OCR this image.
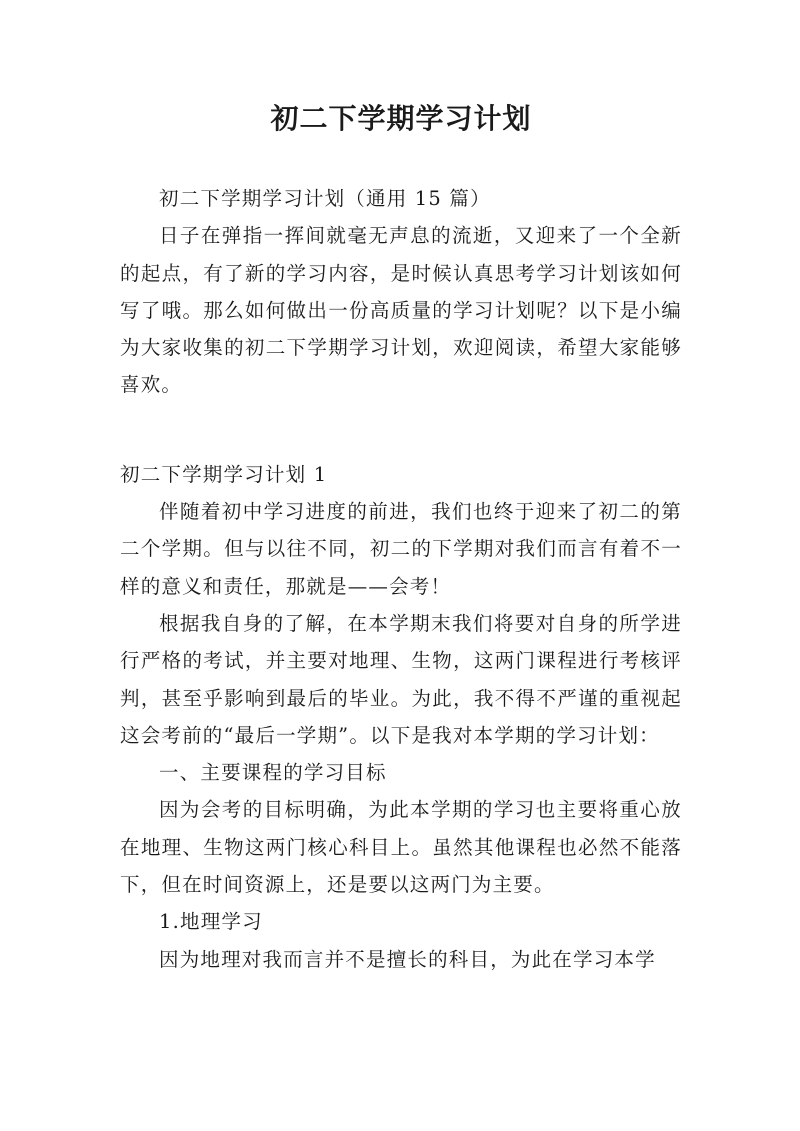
初二下学期学习计划

初二下学期学习计划（通用 15 篇）

日子在弹指一挥间就毫无声息的流逝，又迎来了一个全新的起点，有了新的学习内容，是时候认真思考学习计划该如何写了哦。那么如何做出一份高质量的学习计划呢？以下是小编为大家收集的初二下学期学习计划，欢迎阅读，希望大家能够喜欢。

初二下学期学习计划 1

伴随着初中学习进度的前进，我们也终于迎来了初二的第二个学期。但与以往不同，初二的下学期对我们而言有着不一样的意义和责任，那就是——会考！

根据我自身的了解，在本学期末我们将要对自身的所学进行严格的考试，并主要对地理、生物，这两门课程进行考核评判，甚至乎影响到最后的毕业。为此，我不得不严谨的重视起这会考前的“最后一学期”。以下是我对本学期的学习计划：

一、主要课程的学习目标

因为会考的目标明确，为此本学期的学习也主要将重心放在地理、生物这两门核心科目上。虽然其他课程也必然不能落下，但在时间资源上，还是要以这两门为主要。

1.地理学习

因为地理对我而言并不是擅长的科目，为此在学习本学
